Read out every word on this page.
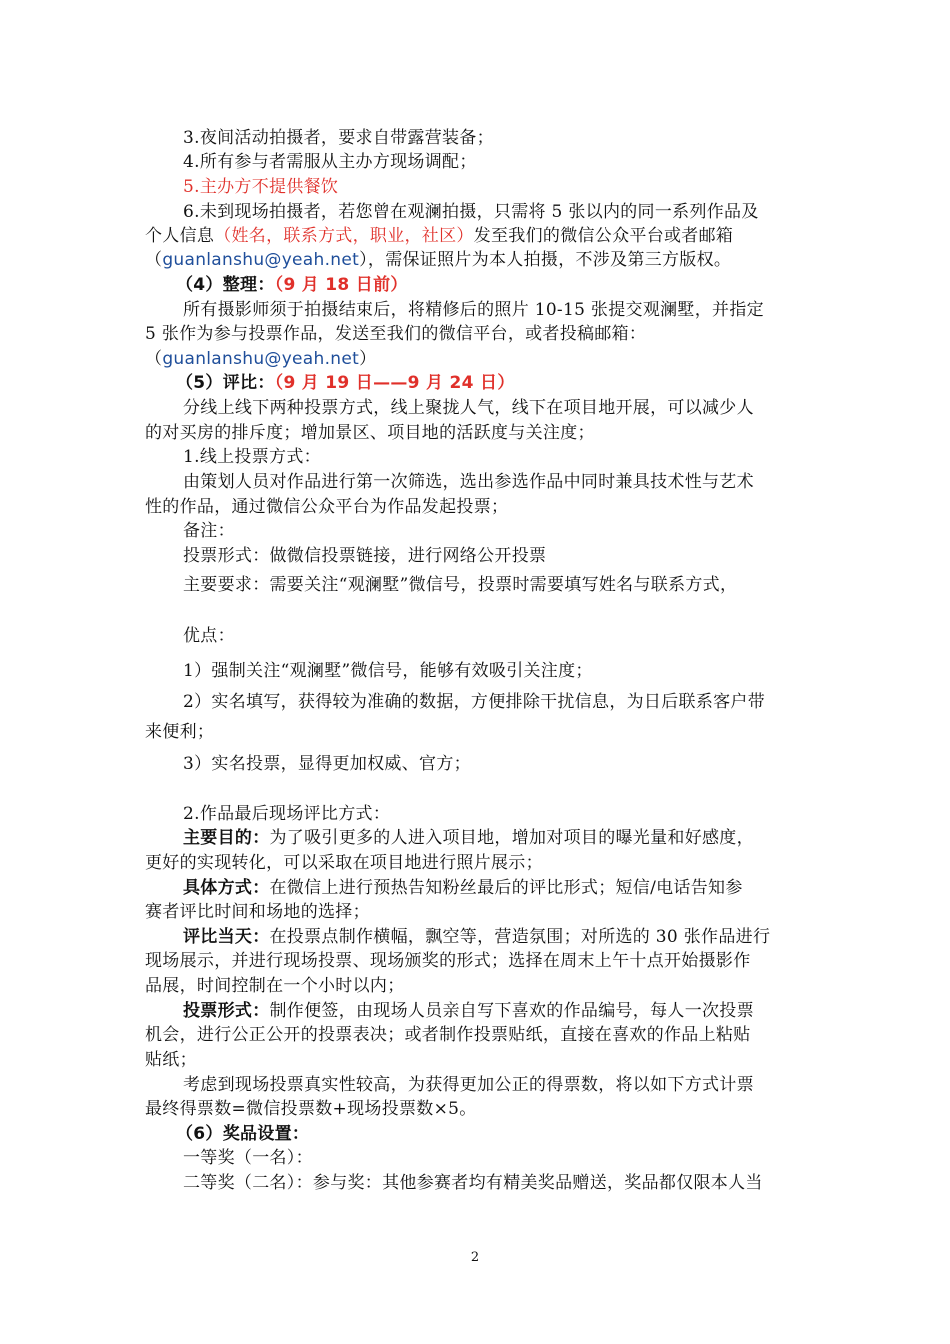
3.夜间活动拍摄者，要求自带露营装备；
4.所有参与者需服从主办方现场调配；
5.主办方不提供餐饮
6.未到现场拍摄者，若您曾在观澜拍摄，只需将 5 张以内的同一系列作品及
个人信息（姓名，联系方式，职业，社区）发至我们的微信公众平台或者邮箱
（guanlanshu@yeah.net），需保证照片为本人拍摄，不涉及第三方版权。
（4）整理：（9 月 18 日前）
所有摄影师须于拍摄结束后，将精修后的照片 10-15 张提交观澜墅，并指定
5 张作为参与投票作品，发送至我们的微信平台，或者投稿邮箱：
（guanlanshu@yeah.net）
（5）评比：（9 月 19 日——9 月 24 日）
分线上线下两种投票方式，线上聚拢人气，线下在项目地开展，可以减少人
的对买房的排斥度；增加景区、项目地的活跃度与关注度；
1.线上投票方式：
由策划人员对作品进行第一次筛选，选出参选作品中同时兼具技术性与艺术
性的作品，通过微信公众平台为作品发起投票；
备注：
投票形式：做微信投票链接，进行网络公开投票
主要要求：需要关注“观澜墅”微信号，投票时需要填写姓名与联系方式，
优点：
1）强制关注“观澜墅”微信号，能够有效吸引关注度；
2）实名填写，获得较为准确的数据，方便排除干扰信息，为日后联系客户带
来便利；
3）实名投票，显得更加权威、官方；
2.作品最后现场评比方式：
主要目的：为了吸引更多的人进入项目地，增加对项目的曝光量和好感度，
更好的实现转化，可以采取在项目地进行照片展示；
具体方式：在微信上进行预热告知粉丝最后的评比形式；短信/电话告知参
赛者评比时间和场地的选择；
评比当天：在投票点制作横幅，飘空等，营造氛围；对所选的 30 张作品进行
现场展示，并进行现场投票、现场颁奖的形式；选择在周末上午十点开始摄影作
品展，时间控制在一个小时以内；
投票形式：制作便签，由现场人员亲自写下喜欢的作品编号，每人一次投票
机会，进行公正公开的投票表决；或者制作投票贴纸，直接在喜欢的作品上粘贴
贴纸；
考虑到现场投票真实性较高，为获得更加公正的得票数，将以如下方式计票
最终得票数=微信投票数+现场投票数×5。
（6）奖品设置：
一等奖（一名）：
二等奖（二名）：参与奖：其他参赛者均有精美奖品赠送，奖品都仅限本人当
2
